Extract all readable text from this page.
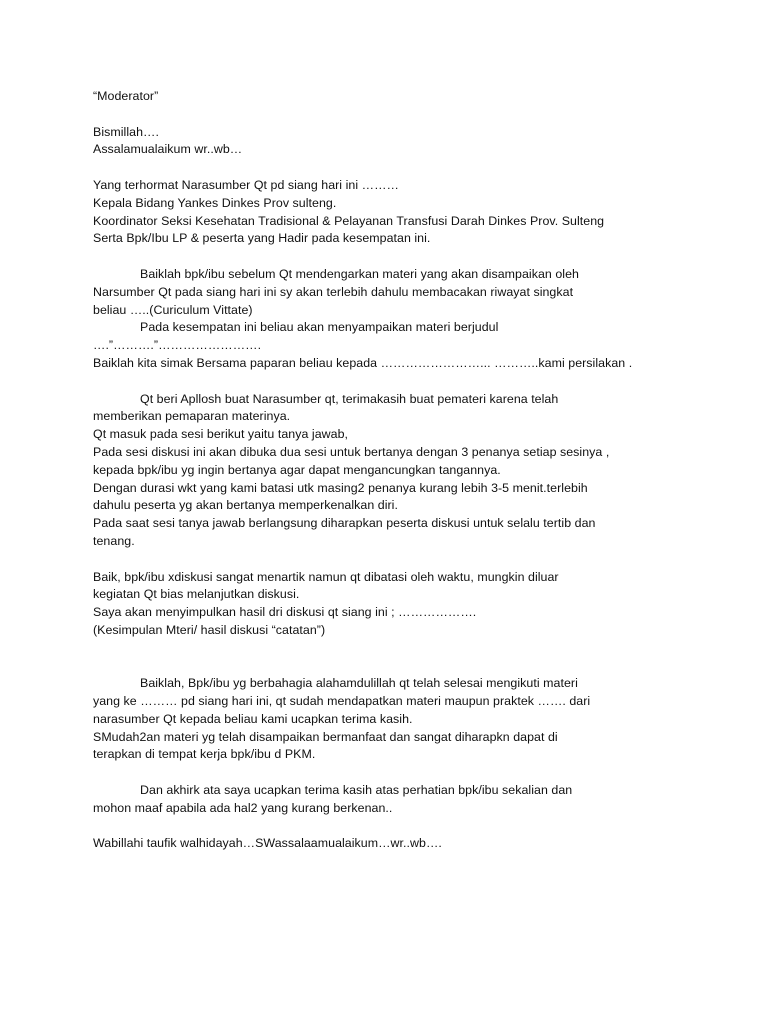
“Moderator”
Bismillah….
Assalamualaikum wr..wb…
Yang terhormat Narasumber Qt pd siang hari ini ………
Kepala Bidang Yankes Dinkes Prov sulteng.
Koordinator Seksi Kesehatan Tradisional & Pelayanan Transfusi Darah Dinkes Prov. Sulteng
Serta Bpk/Ibu LP & peserta yang Hadir pada kesempatan ini.
Baiklah bpk/ibu sebelum Qt mendengarkan materi yang akan disampaikan oleh
Narsumber Qt pada siang hari ini sy akan terlebih dahulu membacakan riwayat singkat
beliau …..(Curiculum Vittate)
Pada kesempatan ini beliau akan menyampaikan materi berjudul
….”……….”…………………….
Baiklah kita simak Bersama paparan beliau kepada ……………………... ………..kami persilakan .
Qt beri Apllosh buat Narasumber qt, terimakasih buat pemateri karena telah
memberikan pemaparan materinya.
Qt masuk pada sesi berikut yaitu tanya jawab,
Pada sesi diskusi ini akan dibuka dua sesi untuk bertanya dengan 3 penanya setiap sesinya ,
kepada bpk/ibu yg ingin bertanya agar dapat mengancungkan tangannya.
Dengan durasi wkt yang kami batasi utk masing2 penanya kurang lebih 3-5 menit.terlebih
dahulu peserta yg akan bertanya memperkenalkan diri.
Pada saat sesi tanya jawab berlangsung diharapkan peserta diskusi untuk selalu tertib dan
tenang.
Baik, bpk/ibu xdiskusi sangat menartik namun qt dibatasi oleh waktu, mungkin diluar
kegiatan Qt bias melanjutkan diskusi.
Saya akan menyimpulkan hasil dri diskusi qt siang ini ; ……………….
(Kesimpulan Mteri/ hasil diskusi “catatan”)
Baiklah, Bpk/ibu yg berbahagia alahamdulillah qt telah selesai mengikuti materi
yang ke ……… pd siang hari ini, qt sudah mendapatkan materi maupun praktek ……. dari
narasumber Qt kepada beliau kami ucapkan terima kasih.
SMudah2an materi yg telah disampaikan bermanfaat dan sangat diharapkn dapat di
terapkan di tempat kerja bpk/ibu d PKM.
Dan akhirk ata saya ucapkan terima kasih atas perhatian bpk/ibu sekalian dan
mohon maaf apabila ada hal2 yang kurang berkenan..
Wabillahi taufik walhidayah…SWassalaamualaikum…wr..wb….
